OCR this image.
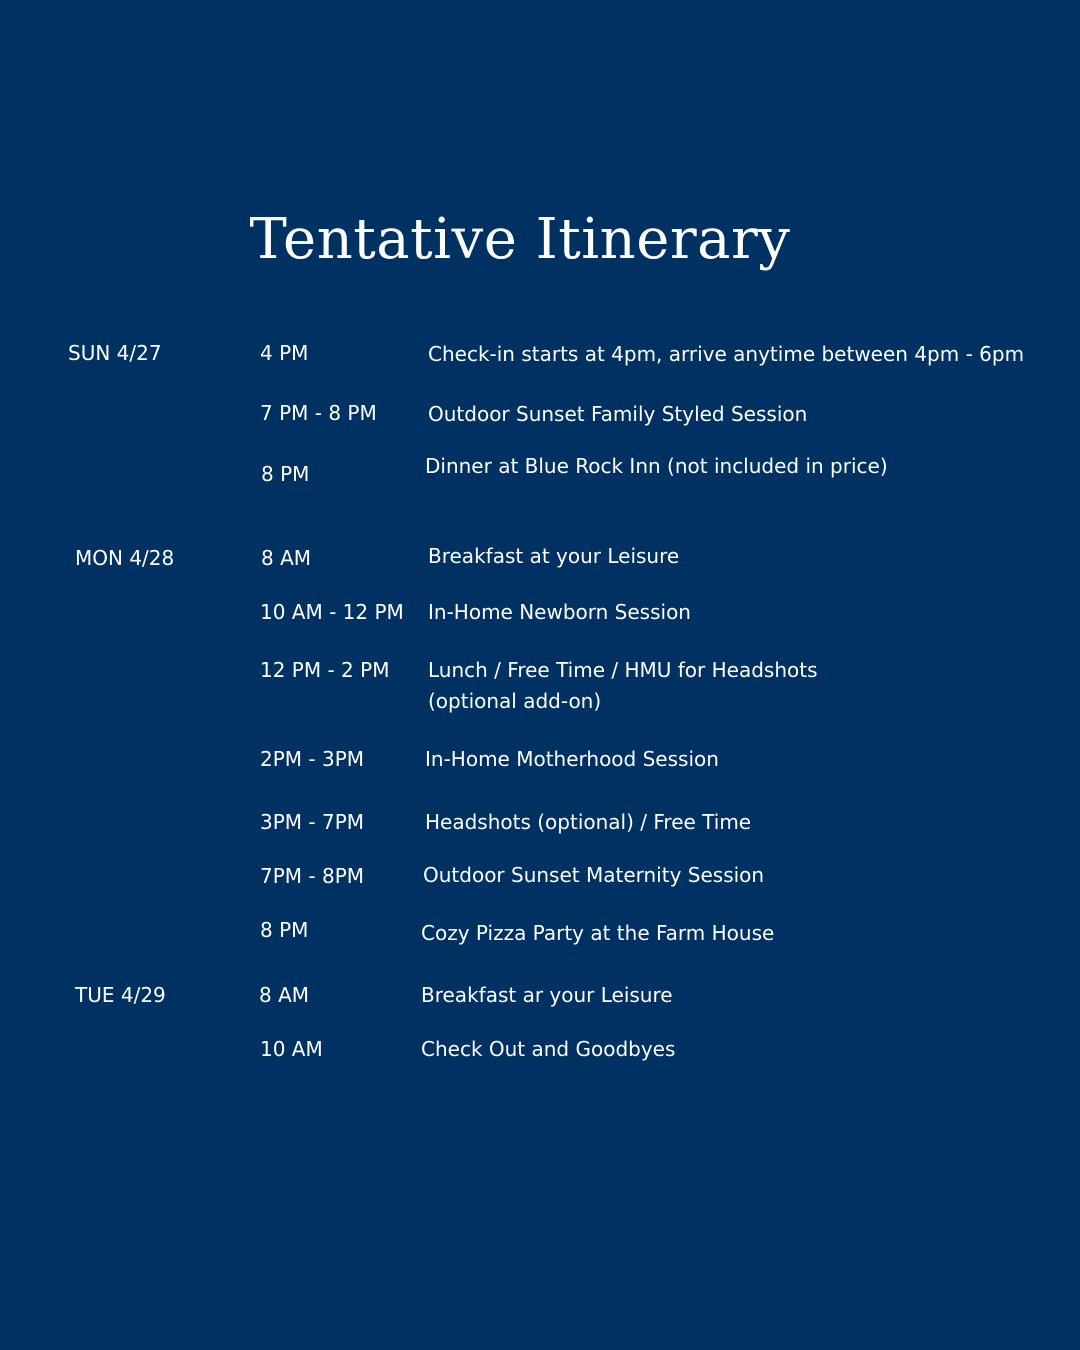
Tentative Itinerary
SUN 4/27	4 PM	Check-in starts at 4pm, arrive anytime between 4pm - 6pm
7 PM - 8 PM	Outdoor Sunset Family Styled Session
8 PM	Dinner at Blue Rock Inn (not included in price)
MON 4/28	8 AM	Breakfast at your Leisure
10 AM - 12 PM In-Home Newborn Session
12 PM - 2 PM Lunch / Free Time / HMU for Headshots
(optional add-on)
2PM - 3PM	In-Home Motherhood Session
3PM - 7PM	Headshots (optional) / Free Time
7PM - 8PM	Outdoor Sunset Maternity Session
8 PM	Cozy Pizza Party at the Farm House
TUE 4/29	8 AM	Breakfast ar your Leisure
10 AM	Check Out and Goodbyes
